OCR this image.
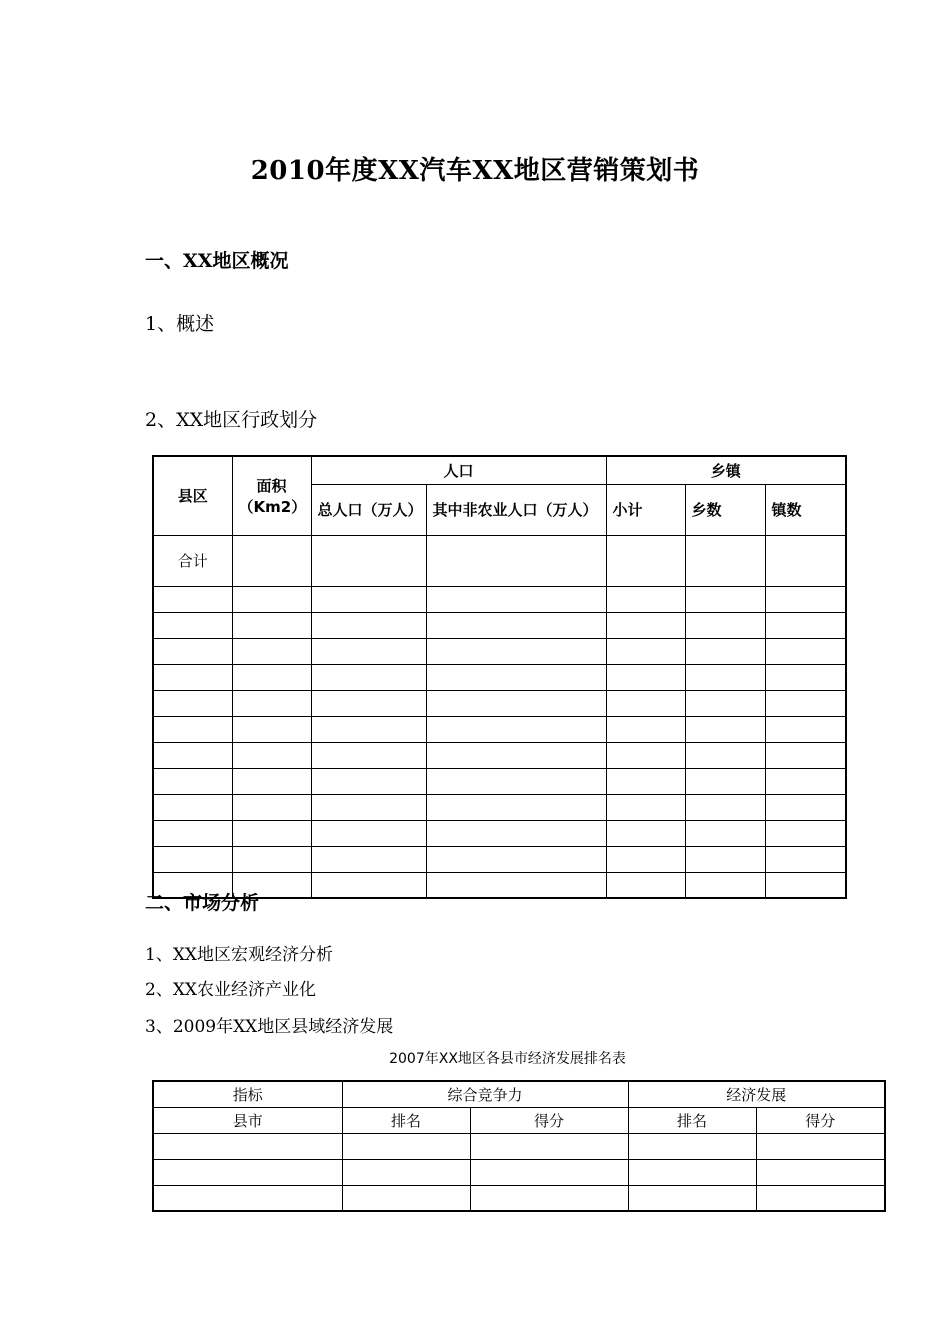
2010年度XX汽车XX地区营销策划书
一、XX地区概况
1、概述
2、XX地区行政划分
县区	面积（Km2）	人口		乡镇		
		总人口（万人）	其中非农业人口（万人）	小计	乡数	镇数
合计						

二、市场分析
1、XX地区宏观经济分析
2、XX农业经济产业化
3、2009年XX地区县域经济发展
2007年XX地区各县市经济发展排名表
指标	综合竞争力		经济发展	
县市	排名	得分	排名	得分
